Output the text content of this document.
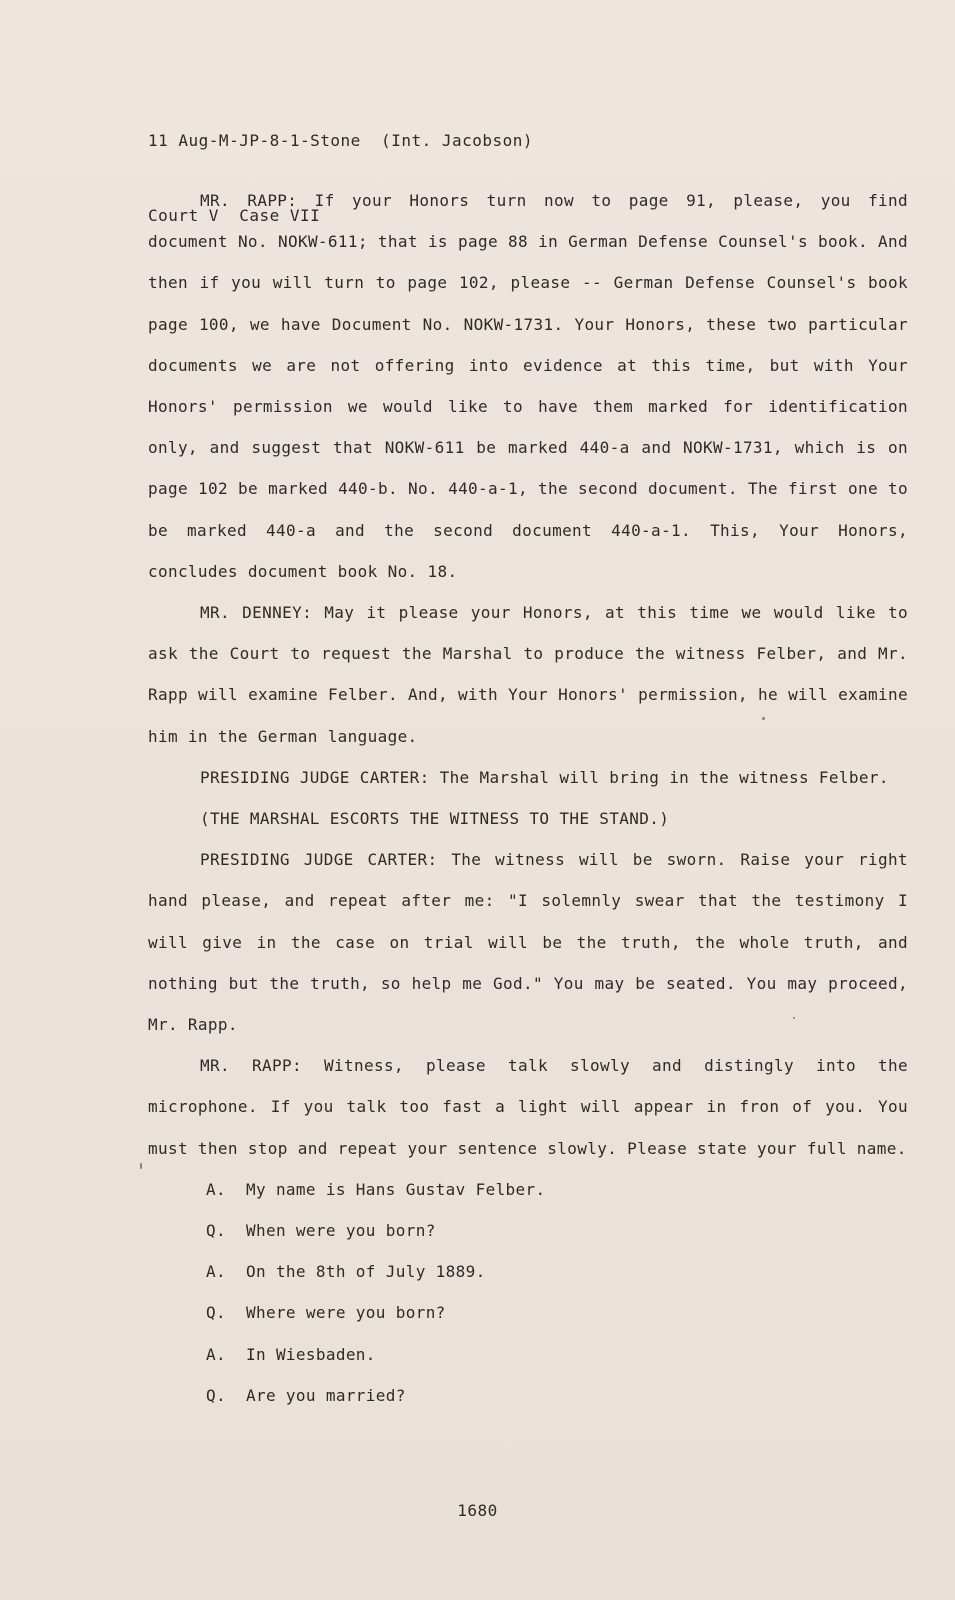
11 Aug-M-JP-8-1-Stone  (Int. Jacobson)

Court V  Case VII

MR. RAPP: If your Honors turn now to page 91, please, you find document No. NOKW-611; that is page 88 in German Defense Counsel's book. And then if you will turn to page 102, please -- German Defense Counsel's book page 100, we have Document No. NOKW-1731. Your Honors, these two particular documents we are not offering into evidence at this time, but with Your Honors' permission we would like to have them marked for identification only, and suggest that NOKW-611 be marked 440-a and NOKW-1731, which is on page 102 be marked 440-b. No. 440-a-1, the second document. The first one to be marked 440-a and the second document 440-a-1. This, Your Honors, concludes document book No. 18.

MR. DENNEY: May it please your Honors, at this time we would like to ask the Court to request the Marshal to produce the witness Felber, and Mr. Rapp will examine Felber. And, with Your Honors' permission, he will examine him in the German language.

PRESIDING JUDGE CARTER: The Marshal will bring in the witness Felber.

(THE MARSHAL ESCORTS THE WITNESS TO THE STAND.)

PRESIDING JUDGE CARTER: The witness will be sworn. Raise your right hand please, and repeat after me: "I solemnly swear that the testimony I will give in the case on trial will be the truth, the whole truth, and nothing but the truth, so help me God." You may be seated. You may proceed, Mr. Rapp.

MR. RAPP: Witness, please talk slowly and distingly into the microphone. If you talk too fast a light will appear in fron of you. You must then stop and repeat your sentence slowly. Please state your full name.

A. My name is Hans Gustav Felber.

Q. When were you born?

A. On the 8th of July 1889.

Q. Where were you born?

A. In Wiesbaden.

Q. Are you married?

1680
